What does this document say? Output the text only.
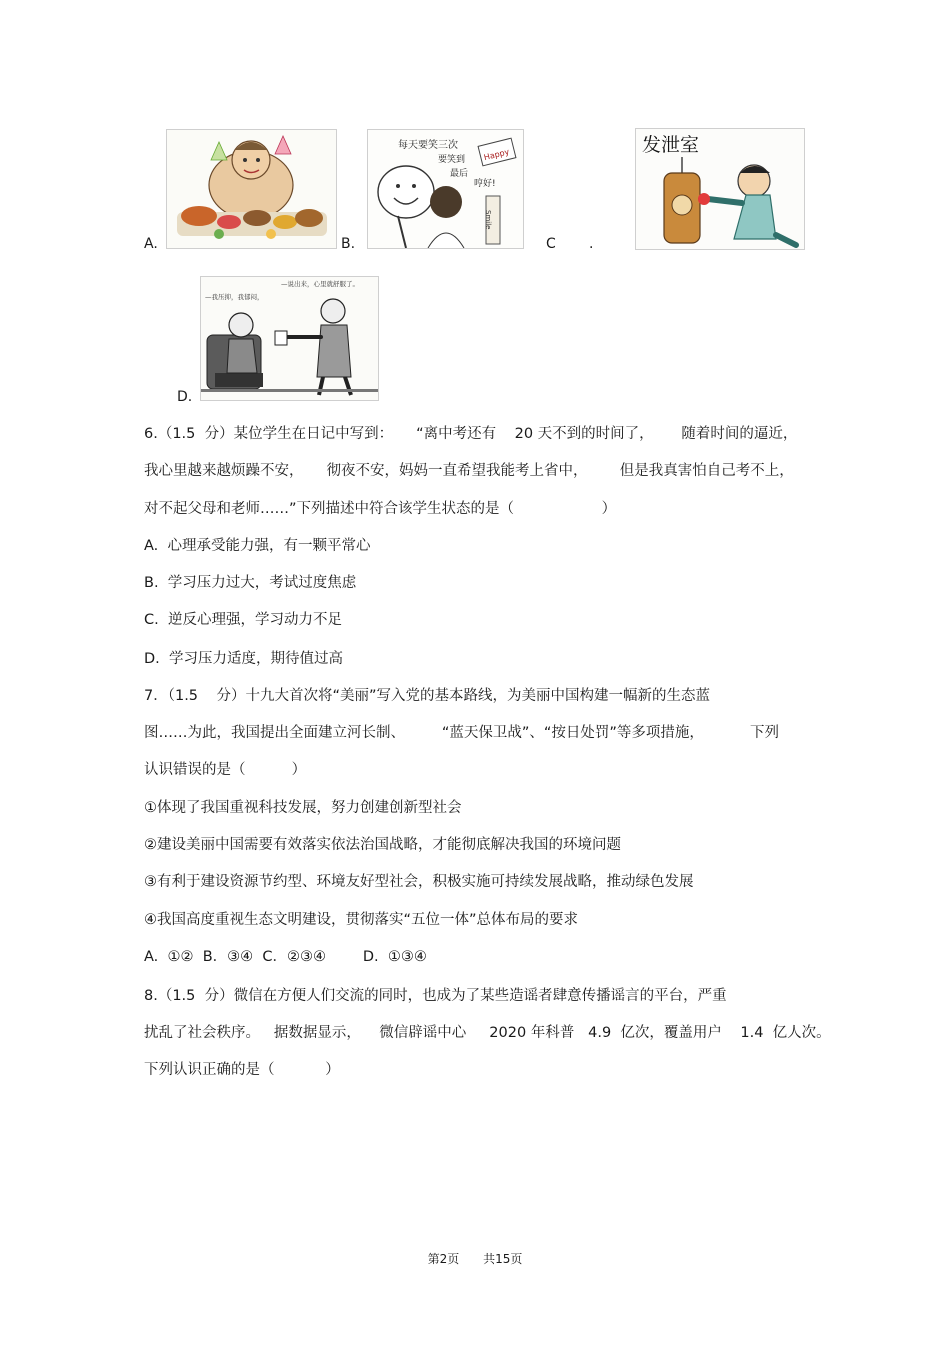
A.	B.
每天要笑三次
要笑到
最后
哼好!
Happy
Smile
C .
发泄室
D.
—我压抑，我郁闷，
—说出来，心里就舒服了。
6.（1.5  分）某位学生在日记中写到：     “离中考还有    20 天不到的时间了，      随着时间的逼近，
我心里越来越烦躁不安，     彻夜不安，妈妈一直希望我能考上省中，       但是我真害怕自己考不上，
对不起父母和老师……”下列描述中符合该学生状态的是（                   ）
A.  心理承受能力强，有一颗平常心
B.  学习压力过大，考试过度焦虑
C.  逆反心理强，学习动力不足
D.  学习压力适度，期待值过高
7．（1.5    分）十九大首次将“美丽”写入党的基本路线，为美丽中国构建一幅新的生态蓝
图……为此，我国提出全面建立河长制、        “蓝天保卫战”、“按日处罚”等多项措施，          下列
认识错误的是（          ）
①体现了我国重视科技发展，努力创建创新型社会
②建设美丽中国需要有效落实依法治国战略，才能彻底解决我国的环境问题
③有利于建设资源节约型、环境友好型社会，积极实施可持续发展战略，推动绿色发展
④我国高度重视生态文明建设，贯彻落实“五位一体”总体布局的要求
A.  ①②  B．③④  C．②③④        D.  ①③④
8.（1.5  分）微信在方便人们交流的同时，也成为了某些造谣者肆意传播谣言的平台，严重
扰乱了社会秩序。   据数据显示，    微信辟谣中心     2020 年科普   4.9  亿次，覆盖用户    1.4  亿人次。
下列认识正确的是（           ）
第2页 共15页
